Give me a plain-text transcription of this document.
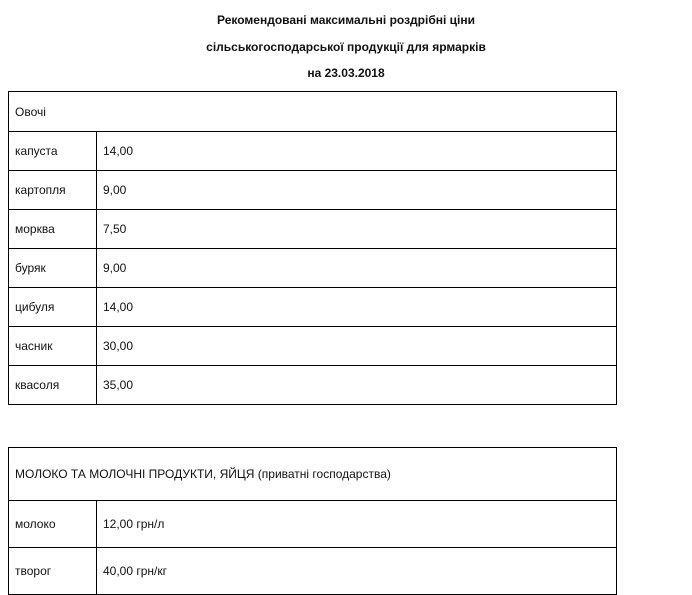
Рекомендовані максимальні роздрібні ціни
сільськогосподарської продукції для ярмарків
на 23.03.2018
Овочі	
капуста	14,00
картопля	9,00
морква	7,50
буряк	9,00
цибуля	14,00
часник	30,00
квасоля	35,00
МОЛОКО ТА МОЛОЧНІ ПРОДУКТИ, ЯЙЦЯ (приватні господарства)	
молоко	12,00 грн/л
творог	40,00 грн/кг
